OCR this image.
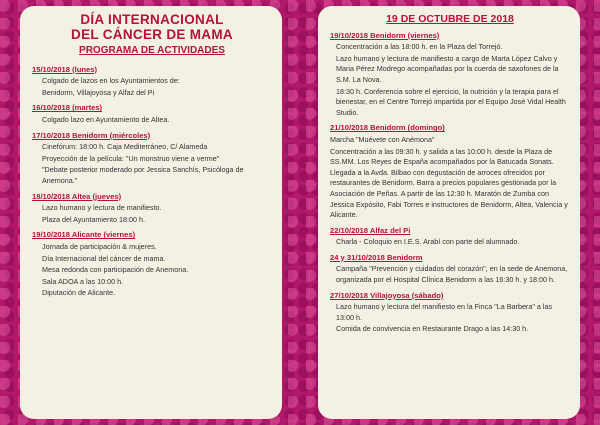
DÍA INTERNACIONAL
DEL CÁNCER DE MAMA
PROGRAMA DE ACTIVIDADES
15/10/2018 (lunes)
Colgado de lazos en los Ayuntamientos de:
Benidorm, Villajoyosa y Alfaz del Pi
16/10/2018 (martes)
Colgado lazo en Ayuntamiento de Altea.
17/10/2018 Benidorm (miércoles)
Cinefórum: 18:00 h. Caja Mediterráneo, C/ Alameda
Proyección de la película: "Un monstruo viene a verme"
"Debate posterior moderado por Jessica Sanchís, Psicóloga de Anemona."
18/10/2018 Altea (jueves)
Lazo humano y lectura de manifiesto.
Plaza del Ayuntamiento 18:00 h.
19/10/2018 Alicante (viernes)
Jornada de participación & mujeres.
Día Internacional del cáncer de mama.
Mesa redonda con participación de Anemona.
Sala ADOA a las 10:00 h.
Diputación de Alicante.
19 DE OCTUBRE DE 2018
19/10/2018 Benidorm (viernes)
Concentración a las 18:00 h. en la Plaza del Torrejó.
Lazo humano y lectura de manifiesto a cargo de Marta López Calvo y Maria Pérez Modrego acompañadas por la cuerda de saxofones de la S.M. La Nova.
18:30 h. Conferencia sobre el ejercicio, la nutrición y la terapia para el bienestar, en el Centre Torrejó impartida por el Equipo José Vidal Health Studio.
21/10/2018 Benidorm (domingo)
Marcha "Muévete con Anémona"
Concentración a las 09:30 h. y salida a las 10:00 h. desde la Plaza de SS.MM. Los Reyes de España acompañados por la Batucada Sonats. Llegada a la Avda. Bilbao con degustación de arroces ofrecidos por restaurantes de Benidorm. Barra a precios populares gestionada por la Asociación de Peñas. A partir de las 12:30 h. Maratón de Zumba con Jessica Expósito, Fabi Torres e instructores de Benidorm, Altea, Valencia y Alicante.
22/10/2018 Alfaz del Pi
Charla - Coloquio en I.E.S. Arabí con parte del alumnado.
24 y 31/10/2018 Benidorm
Campaña "Prevención y cuidados del corazón", en la sede de Anemona, organizada por el Hospital Clínica Benidorm a las 16:30 h. y 18:00 h.
27/10/2018 Villajoyosa (sábado)
Lazo humano y lectura del manifiesto en la Finca "La Barbera" a las 13:00 h.
Comida de convivencia en Restaurante Drago a las 14:30 h.
